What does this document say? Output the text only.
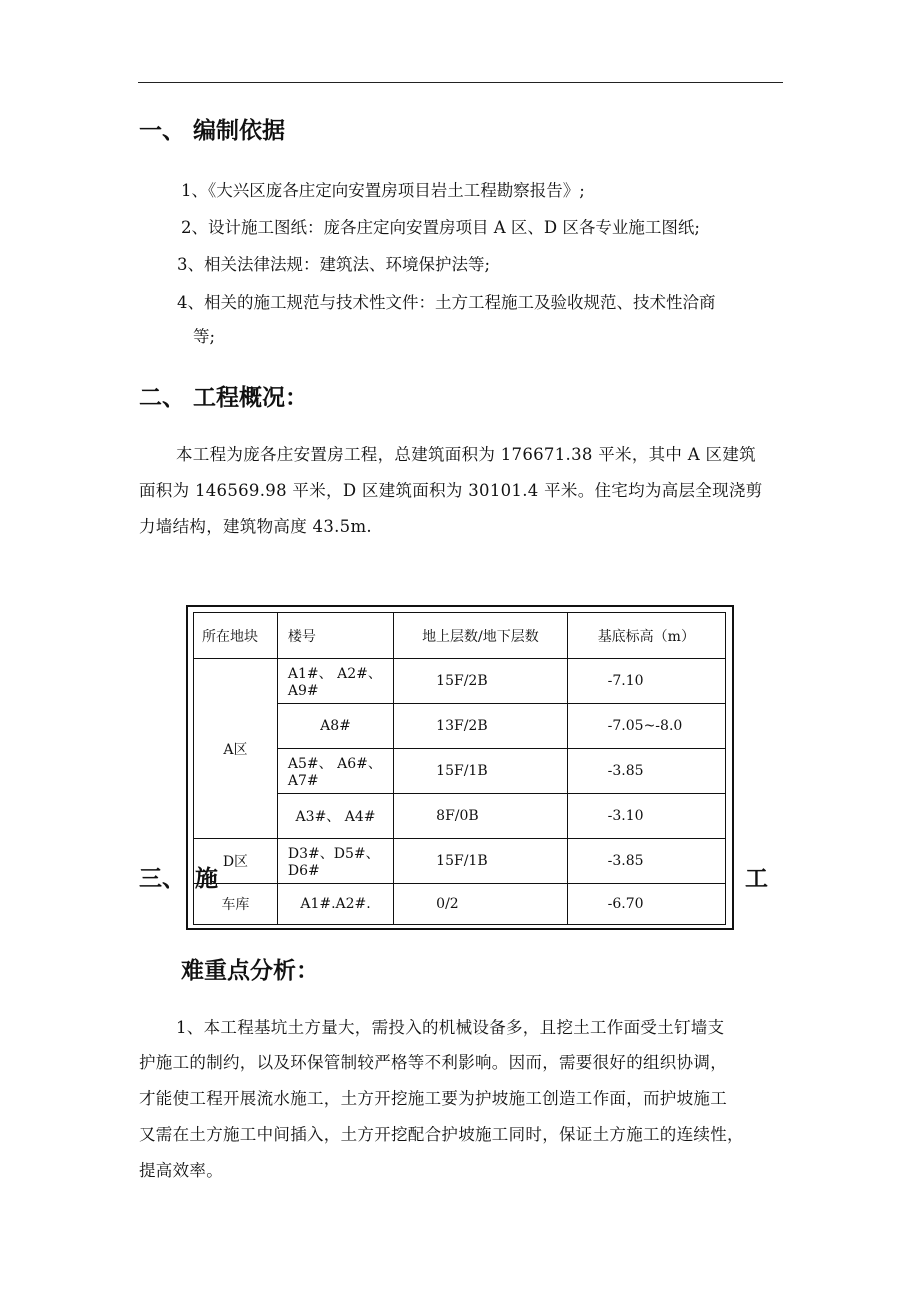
一、 编制依据
1、《大兴区庞各庄定向安置房项目岩土工程勘察报告》;
2、设计施工图纸：庞各庄定向安置房项目 A 区、D 区各专业施工图纸;
3、相关法律法规：建筑法、环境保护法等;
4、相关的施工规范与技术性文件：土方工程施工及验收规范、技术性洽商
等;
二、 工程概况：
本工程为庞各庄安置房工程，总建筑面积为 176671.38 平米，其中 A 区建筑
面积为 146569.98 平米，D 区建筑面积为 30101.4 平米。住宅均为高层全现浇剪
力墙结构，建筑物高度 43.5m.
三、 施	工
所在地块	楼号	地上层数/地下层数	基底标高（m）
A区	A1#、 A2#、 A9#	15F/2B	-7.10
	A8#	13F/2B	-7.05~-8.0
	A5#、 A6#、 A7#	15F/1B	-3.85
	A3#、 A4#	8F/0B	-3.10
D区	D3#、D5#、 D6#	15F/1B	-3.85
车库	A1#.A2#.	0/2	-6.70
难重点分析：
1、本工程基坑土方量大，需投入的机械设备多，且挖土工作面受土钉墙支
护施工的制约，以及环保管制较严格等不利影响。因而，需要很好的组织协调，
才能使工程开展流水施工，土方开挖施工要为护坡施工创造工作面，而护坡施工
又需在土方施工中间插入，土方开挖配合护坡施工同时，保证土方施工的连续性，
提高效率。
